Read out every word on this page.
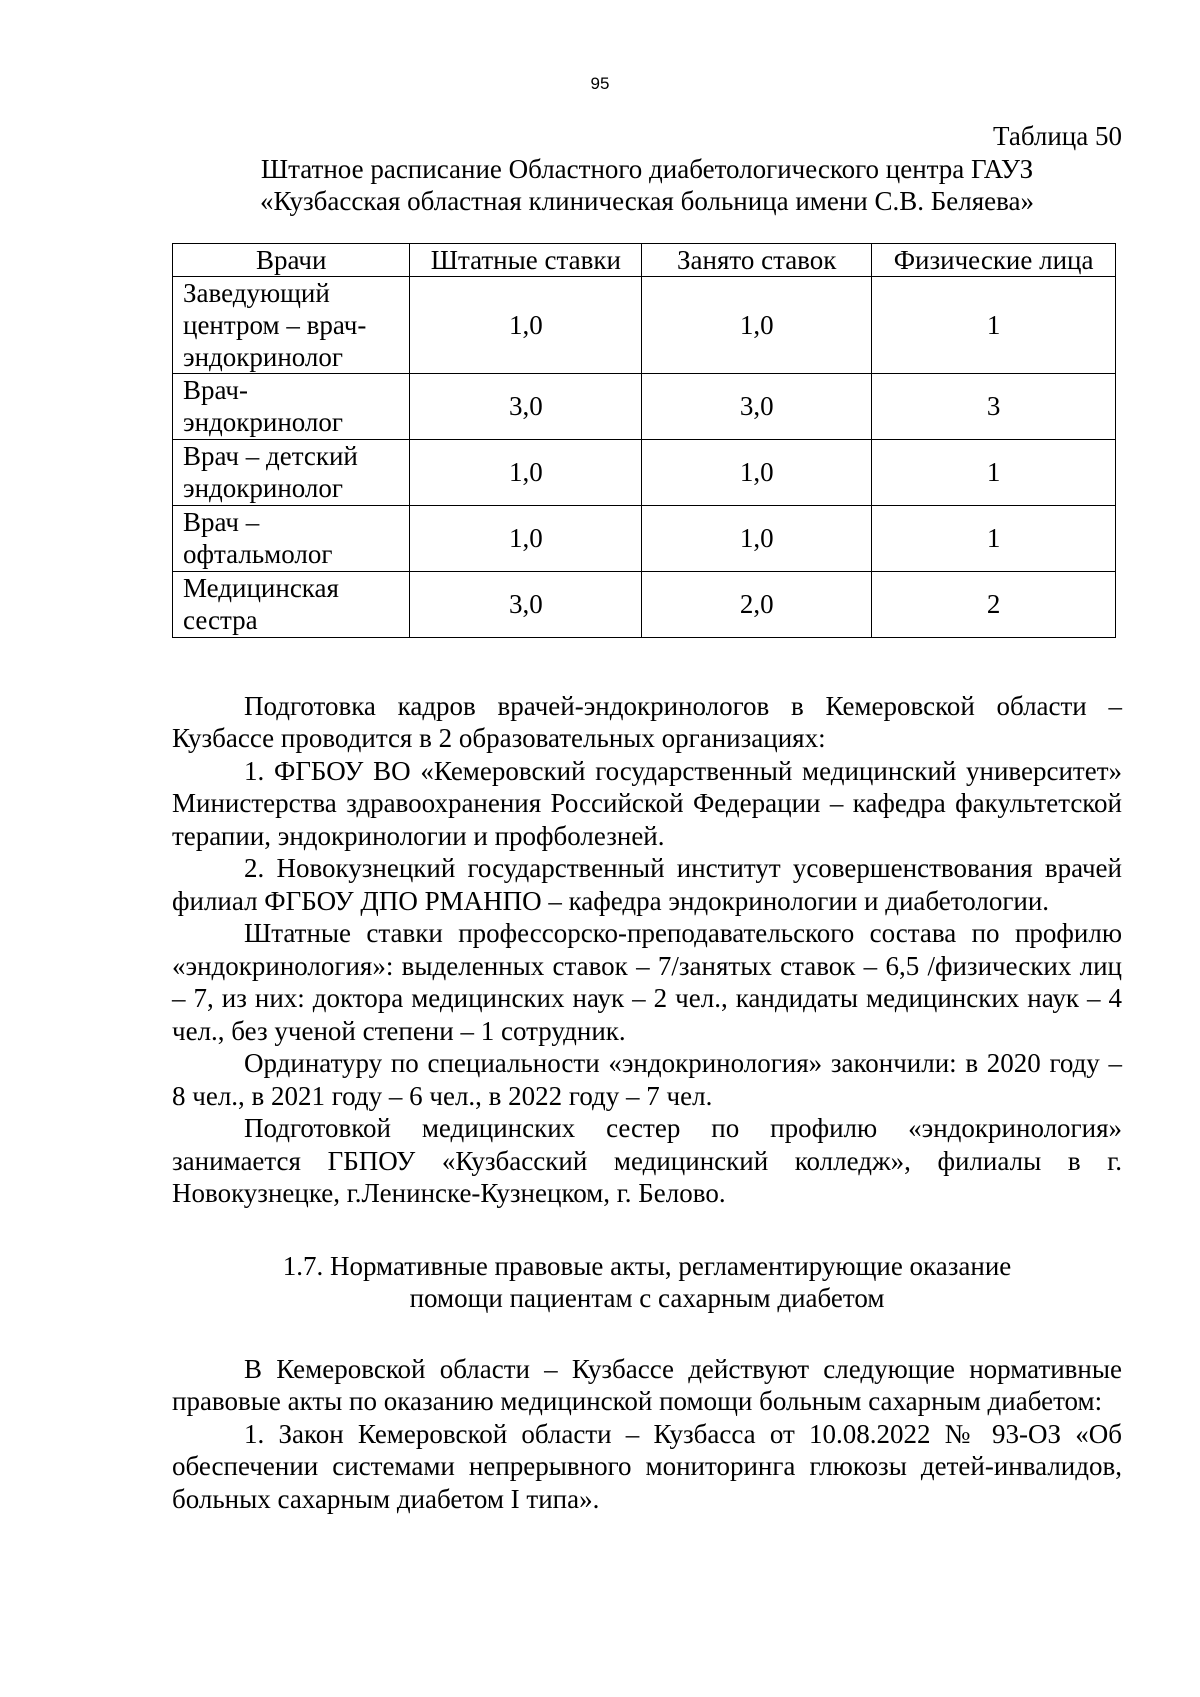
95

Таблица 50

Штатное расписание Областного диабетологического центра ГАУЗ
«Кузбасская областная клиническая больница имени С.В. Беляева»

Врачи	Штатные ставки	Занято ставок	Физические лица
Заведующий центром – врач-эндокринолог	1,0	1,0	1
Врач-эндокринолог	3,0	3,0	3
Врач – детский эндокринолог	1,0	1,0	1
Врач – офтальмолог	1,0	1,0	1
Медицинская сестра	3,0	2,0	2

Подготовка кадров врачей-эндокринологов в Кемеровской области – Кузбассе проводится в 2 образовательных организациях:

1. ФГБОУ ВО «Кемеровский государственный медицинский университет» Министерства здравоохранения Российской Федерации – кафедра факультетской терапии, эндокринологии и профболезней.

2. Новокузнецкий государственный институт усовершенствования врачей филиал ФГБОУ ДПО РМАНПО – кафедра эндокринологии и диабетологии.

Штатные ставки профессорско-преподавательского состава по профилю «эндокринология»: выделенных ставок – 7/занятых ставок – 6,5 /физических лиц – 7, из них: доктора медицинских наук – 2 чел., кандидаты медицинских наук – 4 чел., без ученой степени – 1 сотрудник.

Ординатуру по специальности «эндокринология» закончили: в 2020 году – 8 чел., в 2021 году – 6 чел., в 2022 году – 7 чел.

Подготовкой медицинских сестер по профилю «эндокринология» занимается ГБПОУ «Кузбасский медицинский колледж», филиалы в г. Новокузнецке, г.Ленинске-Кузнецком, г. Белово.

1.7. Нормативные правовые акты, регламентирующие оказание
помощи пациентам с сахарным диабетом

В Кемеровской области – Кузбассе действуют следующие нормативные правовые акты по оказанию медицинской помощи больным сахарным диабетом:

1. Закон Кемеровской области – Кузбасса от 10.08.2022 № 93-ОЗ «Об обеспечении системами непрерывного мониторинга глюкозы детей-инвалидов, больных сахарным диабетом I типа».
